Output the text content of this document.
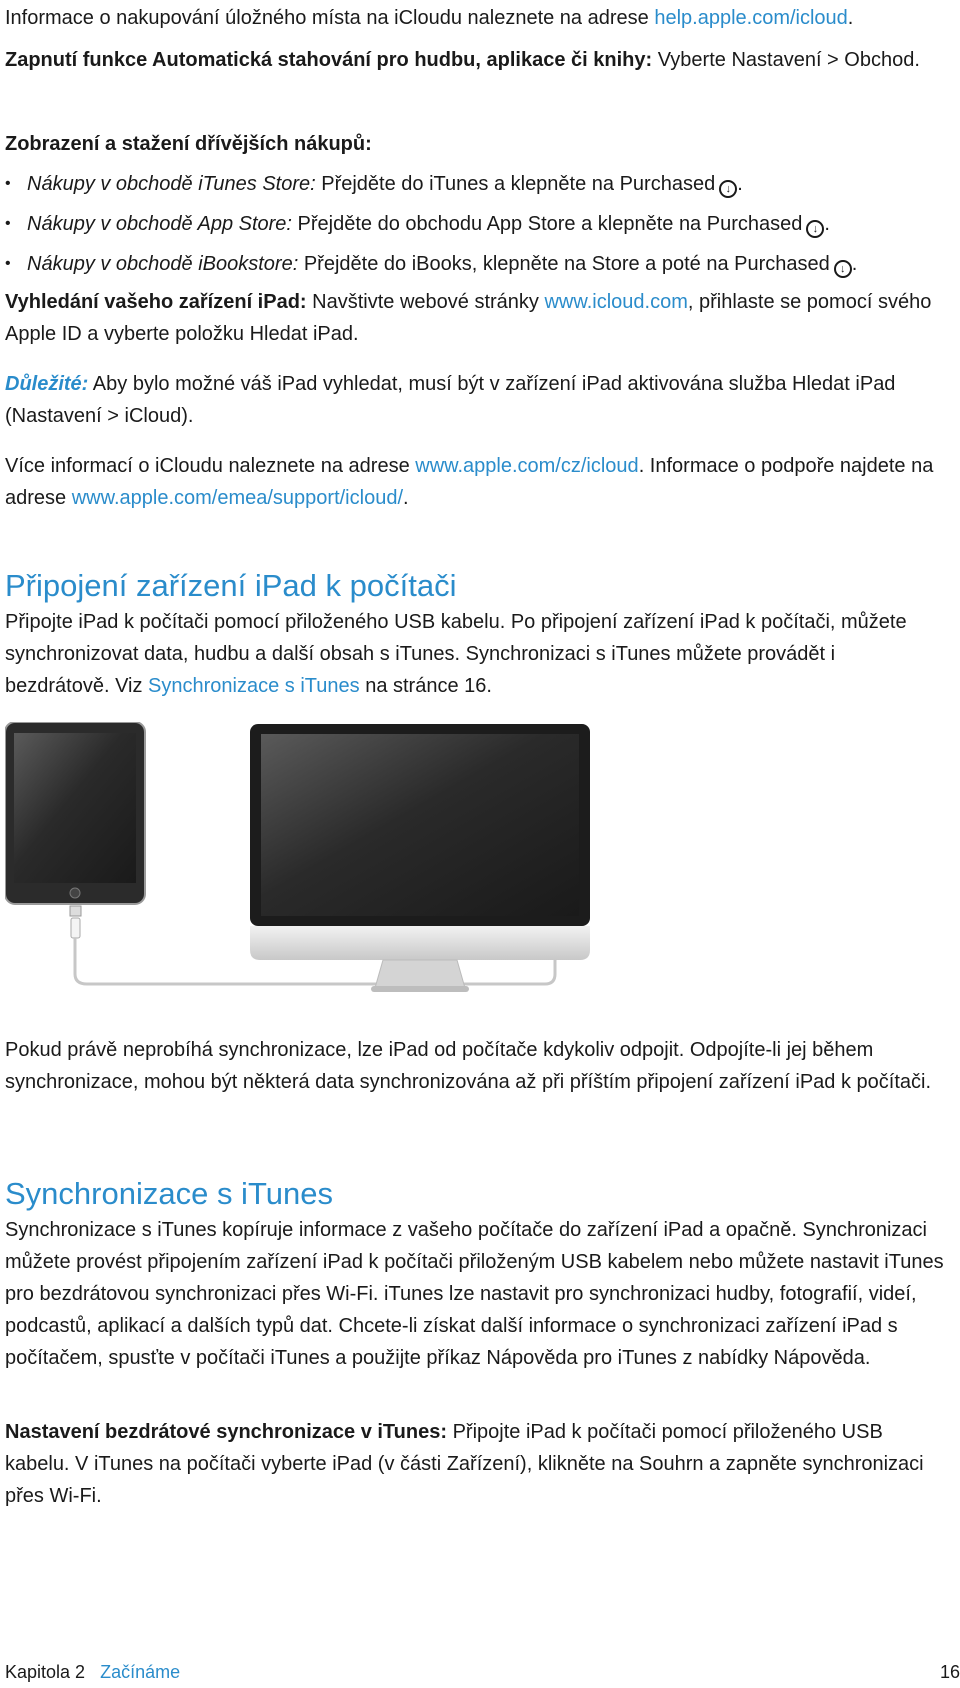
Informace o nakupování úložného místa na iCloudu naleznete na adrese help.apple.com/icloud.

Zapnutí funkce Automatická stahování pro hudbu, aplikace či knihy: Vyberte Nastavení > Obchod.

Zobrazení a stažení dřívějších nákupů:

• Nákupy v obchodě iTunes Store: Přejděte do iTunes a klepněte na Purchased ↓ .
• Nákupy v obchodě App Store: Přejděte do obchodu App Store a klepněte na Purchased ↓ .
• Nákupy v obchodě iBookstore: Přejděte do iBooks, klepněte na Store a poté na Purchased ↓ .

Vyhledání vašeho zařízení iPad: Navštivte webové stránky www.icloud.com, přihlaste se pomocí svého Apple ID a vyberte položku Hledat iPad.

Důležité: Aby bylo možné váš iPad vyhledat, musí být v zařízení iPad aktivována služba Hledat iPad (Nastavení > iCloud).

Více informací o iCloudu naleznete na adrese www.apple.com/cz/icloud. Informace o podpoře najdete na adrese www.apple.com/emea/support/icloud/.

Připojení zařízení iPad k počítači

Připojte iPad k počítači pomocí přiloženého USB kabelu. Po připojení zařízení iPad k počítači, můžete synchronizovat data, hudbu a další obsah s iTunes. Synchronizaci s iTunes můžete provádět i bezdrátově. Viz Synchronizace s iTunes na stránce 16.

Pokud právě neprobíhá synchronizace, lze iPad od počítače kdykoliv odpojit. Odpojíte-li jej během synchronizace, mohou být některá data synchronizována až při příštím připojení zařízení iPad k počítači.

Synchronizace s iTunes

Synchronizace s iTunes kopíruje informace z vašeho počítače do zařízení iPad a opačně. Synchronizaci můžete provést připojením zařízení iPad k počítači přiloženým USB kabelem nebo můžete nastavit iTunes pro bezdrátovou synchronizaci přes Wi-Fi. iTunes lze nastavit pro synchronizaci hudby, fotografií, videí, podcastů, aplikací a dalších typů dat. Chcete-li získat další informace o synchronizaci zařízení iPad s počítačem, spusťte v počítači iTunes a použijte příkaz Nápověda pro iTunes z nabídky Nápověda.

Nastavení bezdrátové synchronizace v iTunes: Připojte iPad k počítači pomocí přiloženého USB kabelu. V iTunes na počítači vyberte iPad (v části Zařízení), klikněte na Souhrn a zapněte synchronizaci přes Wi-Fi.

Kapitola 2 Začínáme	16
